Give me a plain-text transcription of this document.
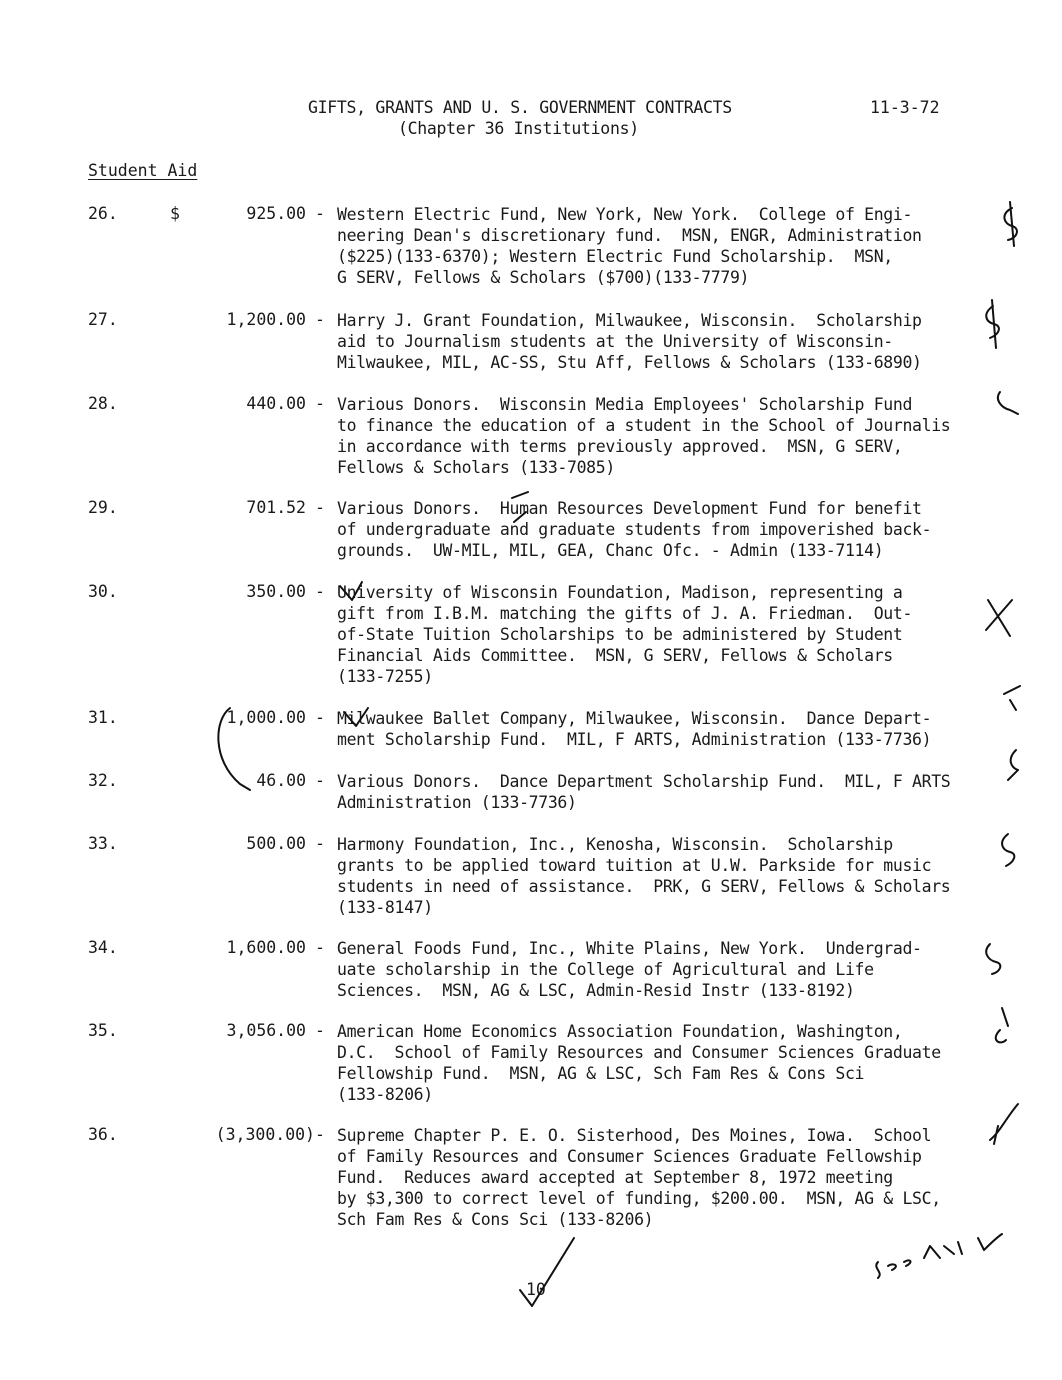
GIFTS, GRANTS AND U. S. GOVERNMENT CONTRACTS
(Chapter 36 Institutions)
11-3-72
Student Aid
26.	$	925.00 - Western Electric Fund, New York, New York.  College of Engi-
neering Dean's discretionary fund.  MSN, ENGR, Administration
($225)(133-6370); Western Electric Fund Scholarship.  MSN,
G SERV, Fellows & Scholars ($700)(133-7779)
27.	1,200.00 - Harry J. Grant Foundation, Milwaukee, Wisconsin.  Scholarship
aid to Journalism students at the University of Wisconsin-
Milwaukee, MIL, AC-SS, Stu Aff, Fellows & Scholars (133-6890)
28.	440.00 - Various Donors.  Wisconsin Media Employees' Scholarship Fund
to finance the education of a student in the School of Journalis
in accordance with terms previously approved.  MSN, G SERV,
Fellows & Scholars (133-7085)
29.	701.52 - Various Donors.  Human Resources Development Fund for benefit
of undergraduate and graduate students from impoverished back-
grounds.  UW-MIL, MIL, GEA, Chanc Ofc. - Admin (133-7114)
30.	350.00 - University of Wisconsin Foundation, Madison, representing a
gift from I.B.M. matching the gifts of J. A. Friedman.  Out-
of-State Tuition Scholarships to be administered by Student
Financial Aids Committee.  MSN, G SERV, Fellows & Scholars
(133-7255)
31.	1,000.00 - Milwaukee Ballet Company, Milwaukee, Wisconsin.  Dance Depart-
ment Scholarship Fund.  MIL, F ARTS, Administration (133-7736)
32.	46.00 - Various Donors.  Dance Department Scholarship Fund.  MIL, F ARTS
Administration (133-7736)
33.	500.00 - Harmony Foundation, Inc., Kenosha, Wisconsin.  Scholarship
grants to be applied toward tuition at U.W. Parkside for music
students in need of assistance.  PRK, G SERV, Fellows & Scholars
(133-8147)
34.	1,600.00 - General Foods Fund, Inc., White Plains, New York.  Undergrad-
uate scholarship in the College of Agricultural and Life
Sciences.  MSN, AG & LSC, Admin-Resid Instr (133-8192)
35.	3,056.00 - American Home Economics Association Foundation, Washington,
D.C.  School of Family Resources and Consumer Sciences Graduate
Fellowship Fund.  MSN, AG & LSC, Sch Fam Res & Cons Sci
(133-8206)
36.	(3,300.00) - Supreme Chapter P. E. O. Sisterhood, Des Moines, Iowa.  School
of Family Resources and Consumer Sciences Graduate Fellowship
Fund.  Reduces award accepted at September 8, 1972 meeting
by $3,300 to correct level of funding, $200.00.  MSN, AG & LSC,
Sch Fam Res & Cons Sci (133-8206)
10
